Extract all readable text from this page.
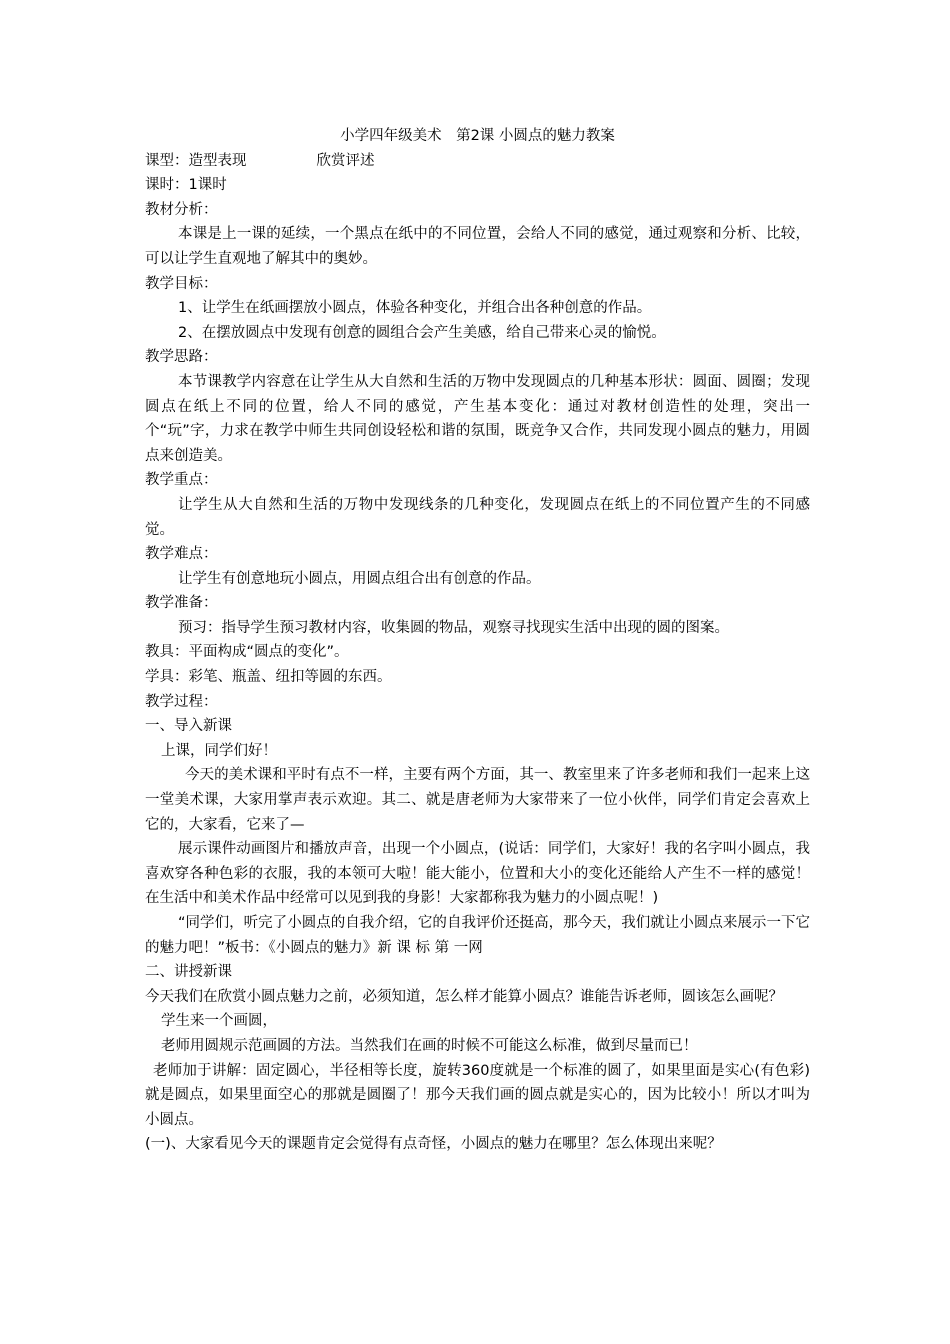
小学四年级美术　第2课 小圆点的魅力教案

课型：造型表现	欣赏评述

课时：1课时

教材分析：

本课是上一课的延续，一个黑点在纸中的不同位置，会给人不同的感觉，通过观察和分析、比较，可以让学生直观地了解其中的奥妙。

教学目标：

1、让学生在纸画摆放小圆点，体验各种变化，并组合出各种创意的作品。

2、在摆放圆点中发现有创意的圆组合会产生美感，给自己带来心灵的愉悦。

教学思路：

本节课教学内容意在让学生从大自然和生活的万物中发现圆点的几种基本形状：圆面、圆圈；发现圆点在纸上不同的位置，给人不同的感觉，产生基本变化：通过对教材创造性的处理，突出一个“玩”字，力求在教学中师生共同创设轻松和谐的氛围，既竞争又合作，共同发现小圆点的魅力，用圆点来创造美。

教学重点：

让学生从大自然和生活的万物中发现线条的几种变化，发现圆点在纸上的不同位置产生的不同感觉。

教学难点：

让学生有创意地玩小圆点，用圆点组合出有创意的作品。

教学准备：

预习：指导学生预习教材内容，收集圆的物品，观察寻找现实生活中出现的圆的图案。

教具：平面构成“圆点的变化”。

学具：彩笔、瓶盖、纽扣等圆的东西。

教学过程：

一、导入新课

上课，同学们好！

今天的美术课和平时有点不一样，主要有两个方面，其一、教室里来了许多老师和我们一起来上这一堂美术课，大家用掌声表示欢迎。其二、就是唐老师为大家带来了一位小伙伴，同学们肯定会喜欢上它的，大家看，它来了—

展示课件动画图片和播放声音，出现一个小圆点，(说话：同学们，大家好！我的名字叫小圆点，我喜欢穿各种色彩的衣服，我的本领可大啦！能大能小，位置和大小的变化还能给人产生不一样的感觉！在生活中和美术作品中经常可以见到我的身影！大家都称我为魅力的小圆点呢！)

“同学们，听完了小圆点的自我介绍，它的自我评价还挺高，那今天，我们就让小圆点来展示一下它的魅力吧！”板书：《小圆点的魅力》新 课 标 第 一网

二、讲授新课

今天我们在欣赏小圆点魅力之前，必须知道，怎么样才能算小圆点？谁能告诉老师，圆该怎么画呢？

学生来一个画圆，

老师用圆规示范画圆的方法。当然我们在画的时候不可能这么标准，做到尽量而已！

老师加于讲解：固定圆心，半径相等长度，旋转360度就是一个标准的圆了，如果里面是实心(有色彩)就是圆点，如果里面空心的那就是圆圈了！那今天我们画的圆点就是实心的，因为比较小！所以才叫为小圆点。

(一)、大家看见今天的课题肯定会觉得有点奇怪，小圆点的魅力在哪里？怎么体现出来呢？
